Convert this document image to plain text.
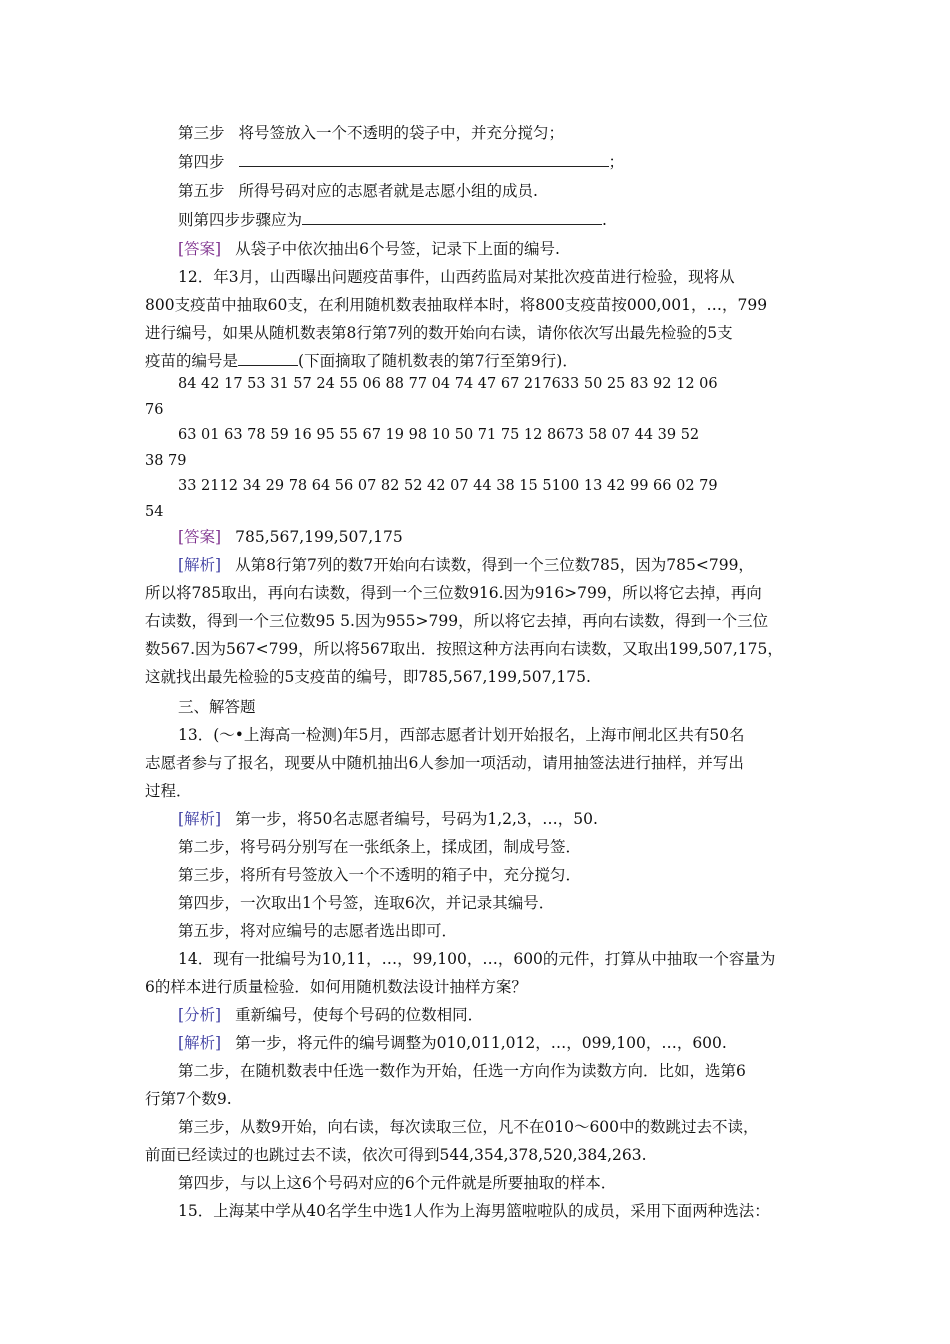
第三步 将号签放入一个不透明的袋子中，并充分搅匀；
第四步	；
第五步 所得号码对应的志愿者就是志愿小组的成员.
则第四步步骤应为	.
[答案] 从袋子中依次抽出6个号签，记录下上面的编号.
12．年3月，山西曝出问题疫苗事件，山西药监局对某批次疫苗进行检验，现将从
800支疫苗中抽取60支，在利用随机数表抽取样本时，将800支疫苗按000,001，…，799
进行编号，如果从随机数表第8行第7列的数开始向右读，请你依次写出最先检验的5支
疫苗的编号是	(下面摘取了随机数表的第7行至第9行)．
84 42 17 53 31 57 24 55 06 88 77 04 74 47 67 217633 50 25 83 92 12 06
76
63 01 63 78 59 16 95 55 67 19 98 10 50 71 75 12 8673 58 07 44 39 52
38 79
33 2112 34 29 78 64 56 07 82 52 42 07 44 38 15 5100 13 42 99 66 02 79
54
[答案] 785,567,199,507,175
[解析] 从第8行第7列的数7开始向右读数，得到一个三位数785，因为785<799，
所以将785取出，再向右读数，得到一个三位数916.因为916>799，所以将它去掉，再向
右读数，得到一个三位数95 5.因为955>799，所以将它去掉，再向右读数，得到一个三位
数567.因为567<799，所以将567取出．按照这种方法再向右读数，又取出199,507,175，
这就找出最先检验的5支疫苗的编号，即785,567,199,507,175.
三、解答题
13．(～•上海高一检测)年5月，西部志愿者计划开始报名，上海市闸北区共有50名
志愿者参与了报名，现要从中随机抽出6人参加一项活动，请用抽签法进行抽样，并写出
过程．
[解析] 第一步，将50名志愿者编号，号码为1,2,3，…，50.
第二步，将号码分别写在一张纸条上，揉成团，制成号签．
第三步，将所有号签放入一个不透明的箱子中，充分搅匀．
第四步，一次取出1个号签，连取6次，并记录其编号．
第五步，将对应编号的志愿者选出即可．
14．现有一批编号为10,11，…，99,100，…，600的元件，打算从中抽取一个容量为
6的样本进行质量检验．如何用随机数法设计抽样方案？
[分析] 重新编号，使每个号码的位数相同．
[解析] 第一步，将元件的编号调整为010,011,012，…，099,100，…，600.
第二步，在随机数表中任选一数作为开始，任选一方向作为读数方向．比如，选第6
行第7个数9.
第三步，从数9开始，向右读，每次读取三位，凡不在010～600中的数跳过去不读，
前面已经读过的也跳过去不读，依次可得到544,354,378,520,384,263.
第四步，与以上这6个号码对应的6个元件就是所要抽取的样本．
15．上海某中学从40名学生中选1人作为上海男篮啦啦队的成员，采用下面两种选法：
